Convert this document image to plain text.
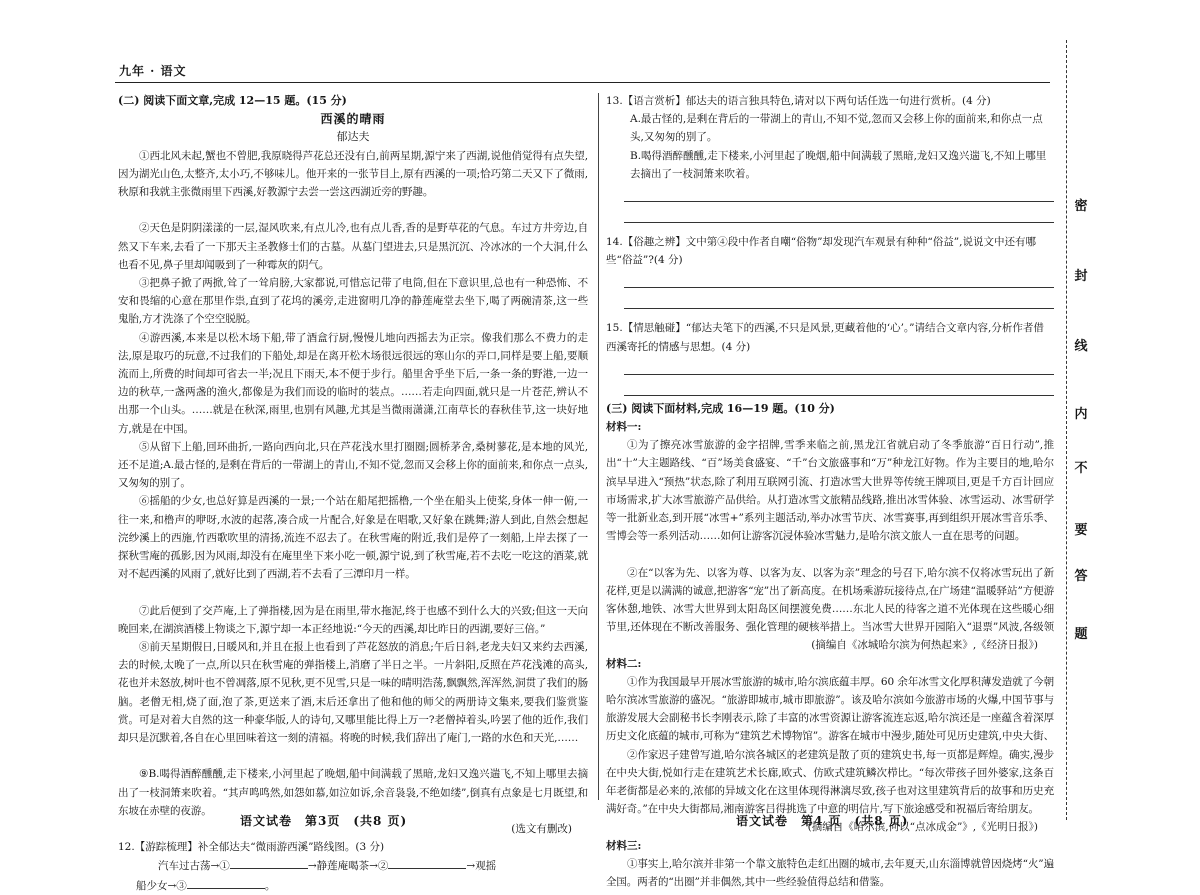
九年 · 语文
密
封
线
内
不
要
答
题
(二) 阅读下面文章,完成 12—15 题。(15 分)
西溪的晴雨
郁达夫

①西北风未起,蟹也不曾肥,我原晓得芦花总还没有白,前两星期,源宁来了西湖,说他俏觉得有点失望,因为湖光山色,太整齐,太小巧,不够味儿。他开来的一张节目上,原有西溪的一项;恰巧第二天又下了微雨,秋原和我就主张微雨里下西溪,好教源宁去尝一尝这西湖近旁的野趣。

②天色是阴阴漾漾的一层,湿风吹来,有点儿冷,也有点儿香,香的是野草花的气息。车过方井旁边,自然又下车来,去看了一下那天主圣教修士们的古墓。从墓门望进去,只是黑沉沉、冷冰冰的一个大洞,什么也看不见,鼻子里却闻吸到了一种霉灰的阴气。

③把鼻子掀了两掀,耸了一耸肩膀,大家都说,可惜忘记带了电筒,但在下意识里,总也有一种恐怖、不安和畏缩的心意在那里作祟,直到了花坞的溪旁,走进窗明几净的静莲庵堂去坐下,喝了两碗清茶,这一些鬼胎,方才洗涤了个空空脱脱。

④游西溪,本来是以松木场下船,带了酒盒行厨,慢慢儿地向西摇去为正宗。像我们那么不费力的走法,原是取巧的玩意,不过我们的下船处,却是在离开松木场很远很远的寒山尔的弄口,同样是要上船,要顺流而上,所费的时间却可省去一半;况且下雨天,本不便于步行。船里舍乎坐下后,一条一条的野港,一边一边的秋草,一盏两盏的渔火,都像是为我们而设的临时的装点。……若走向四面,就只是一片苍茫,辨认不出那一个山头。……就是在秋深,雨里,也别有风趣,尤其是当微雨潇潇,江南草长的春秋佳节,这一块好地方,就是在中国。

⑤从留下上船,回环曲折,一路向西向北,只在芦花浅水里打圈圈;圆桥茅舍,桑树蓼花,是本地的风光,还不足道;A.最古怪的,是剩在背后的一带湖上的青山,不知不觉,忽而又会移上你的面前来,和你点一点头,又匆匆的别了。

⑥摇船的少女,也总好算是西溪的一景;一个站在船尾把摇橹,一个坐在船头上使桨,身体一伸一俯,一往一来,和橹声的咿呀,水波的起落,凑合成一片配合,好象是在唱歌,又好象在跳舞;游人到此,自然会想起浣纱溪上的西施,竹西歌吹里的清扬,流连不忍去了。在秋雪庵的附近,我们是停了一刻船,上岸去探了一探秋雪庵的孤影,因为风雨,却没有在庵里坐下来小吃一顿,源宁说,到了秋雪庵,若不去吃一吃这的酒菜,就对不起西溪的风雨了,就好比到了西湖,若不去看了三潭印月一样。

⑦此后便到了交芦庵,上了弹指楼,因为是在雨里,带水拖泥,终于也感不到什么大的兴致;但这一天向晚回来,在湖滨酒楼上物谈之下,源宁却一本正经地说:“今天的西溪,却比昨日的西湖,要好三倍。”

⑧前天星期假日,日暖风和,并且在报上也看到了芦花怒放的消息;午后日斜,老龙夫妇又来约去西溪,去的时候,太晚了一点,所以只在秋雪庵的弹指楼上,消磨了半日之半。一片斜阳,反照在芦花浅滩的高头,花也并未怒放,树叶也不曾凋落,原不见秋,更不见雪,只是一味的晴明浩荡,飘飘然,浑浑然,洞贯了我们的肠脑。老僧无相,烧了面,泡了茶,更送来了酒,末后还拿出了他和他的师父的两册诗文集来,要我们鉴赏鉴赏。可是对着大自然的这一种豪华版,人的诗句,又哪里能比得上万一?老僧掉着头,吟罢了他的近作,我们却只是沉默着,各自在心里回味着这一刻的清福。将晚的时候,我们辞出了庵门,一路的水色和天光,……

⑨B.喝得酒醉醺醺,走下楼来,小河里起了晚烟,船中间满载了黑暗,龙妇又逸兴遄飞,不知上哪里去摘出了一枝洞箫来吹着。“其声鸣鸣然,如怨如慕,如泣如诉,余音袅袅,不绝如缕”,倒真有点象是七月既望,和东坡在赤壁的夜游。

(选文有删改)
12.【游踪梳理】补全郁达夫“微雨游西溪”路线图。(3 分)
汽车过古荡→①	→静莲庵喝茶→②	→观摇
船少女→③	。
13.【语言赏析】郁达夫的语言独具特色,请对以下两句话任选一句进行赏析。(4 分)
A.最古怪的,是剩在背后的一带湖上的青山,不知不觉,忽而又会移上你的面前来,和你点一点头,又匆匆的别了。
B.喝得酒醉醺醺,走下楼来,小河里起了晚烟,船中间满载了黑暗,龙妇又逸兴遄飞,不知上哪里去摘出了一枝洞箫来吹着。
14.【俗趣之辨】文中第④段中作者自嘲“俗物”却发现汽车观景有种种“俗益”,说说文中还有哪些“俗益”?(4 分)
15.【情思触碰】“郁达夫笔下的西溪,不只是风景,更藏着他的‘心’。”请结合文章内容,分析作者借西溪寄托的情感与思想。(4 分)
(三) 阅读下面材料,完成 16—19 题。(10 分)
材料一:

①为了擦亮冰雪旅游的金字招牌,雪季来临之前,黑龙江省就启动了冬季旅游“百日行动”,推出“十”大主题路线、“百”场美食盛宴、“千”台文旅盛事和“万”种龙江好物。作为主要目的地,哈尔滨早早进入“预热”状态,除了利用互联网引流、打造冰雪大世界等传统王牌项目,更是千方百计回应市场需求,扩大冰雪旅游产品供给。从打造冰雪文旅精品线路,推出冰雪体验、冰雪运动、冰雪研学等一批新业态,到开展“冰雪+”系列主题活动,举办冰雪节庆、冰雪赛事,再到组织开展冰雪音乐季、雪博会等一系列活动……如何让游客沉浸体验冰雪魅力,是哈尔滨文旅人一直在思考的问题。

②在“以客为先、以客为尊、以客为友、以客为亲”理念的号召下,哈尔滨不仅将冰雪玩出了新花样,更是以满满的诚意,把游客“宠”出了新高度。在机场乘游玩接待点,在广场建“温暖驿站”方便游客休憩,地铁、冰雪大世界到太阳岛区间摆渡免费……东北人民的待客之道不光体现在这些暖心细节里,还体现在不断改善服务、强化管理的硬核举措上。当冰雪大世界开园陷入“退票”风波,各级领

(摘编自《冰城哈尔滨为何热起来》,《经济日报》)
材料二:

①作为我国最早开展冰雪旅游的城市,哈尔滨底蕴丰厚。60 余年冰雪文化厚积薄发造就了今朝哈尔滨冰雪旅游的盛况。“旅游即城市,城市即旅游”。该及哈尔滨如今旅游市场的火爆,中国节事与旅游发展大会副秘书长李刚表示,除了丰富的冰雪资源让游客流连忘返,哈尔滨还是一座蕴含着深厚历史文化底蕴的城市,可称为“建筑艺术博物馆”。游客在城市中漫步,随处可见历史建筑,中央大街、

②作家迟子建曾写道,哈尔滨各城区的老建筑是散了页的建筑史书,每一页都是辉煌。确实,漫步在中央大街,悦如行走在建筑艺术长廊,欧式、仿欧式建筑鳞次栉比。“每次带孩子回外婆家,这条百年老街都是必来的,浓郁的异域文化在这里体现得淋漓尽致,孩子也对这里建筑背后的故事和历史充满好奇。”在中央大街都局,湘南游客吕得挑选了中意的明信片,写下旅途感受和祝福后寄给朋友。

(摘编自《哈尔滨,何以“点冰成金”》,《光明日报》)
材料三:

①事实上,哈尔滨并非第一个靠文旅特色走红出圈的城市,去年夏天,山东淄博就曾因烧烤“火”遍全国。两者的“出圈”并非偶然,其中一些经验值得总结和借鉴。

语文试卷　第3页　(共8 页)	语文试卷　第4 页　(共8 页)
